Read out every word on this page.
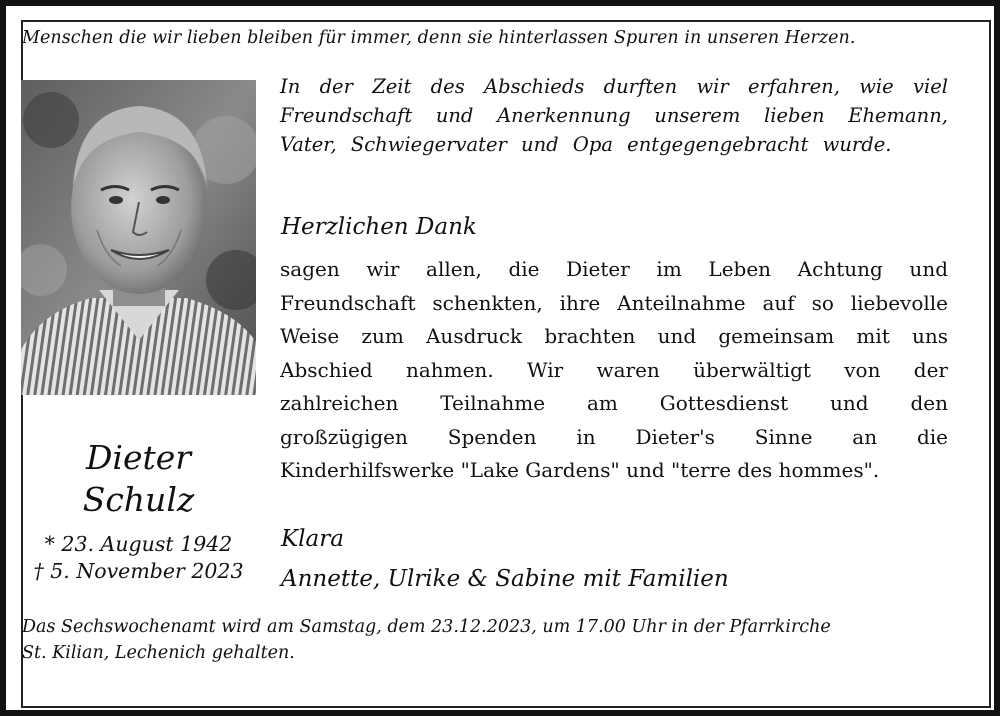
Menschen die wir lieben bleiben für immer, denn sie hinterlassen Spuren in unseren Herzen.
In der Zeit des Abschieds durften wir erfahren, wie viel
Freundschaft und Anerkennung unserem lieben Ehemann,
Vater, Schwiegervater und Opa entgegengebracht wurde.
Herzlichen Dank
sagen wir allen, die Dieter im Leben Achtung und
Freundschaft schenkten, ihre Anteilnahme auf so liebevolle
Weise zum Ausdruck brachten und gemeinsam mit uns
Abschied nahmen. Wir waren überwältigt von der
zahlreichen Teilnahme am Gottesdienst und den
großzügigen Spenden in Dieter's Sinne an die
Kinderhilfswerke "Lake Gardens" und "terre des hommes".
Dieter
Schulz
* 23. August 1942
† 5. November 2023
Klara
Annette, Ulrike & Sabine mit Familien
Das Sechswochenamt wird am Samstag, dem 23.12.2023, um 17.00 Uhr in der Pfarrkirche
St. Kilian, Lechenich gehalten.
